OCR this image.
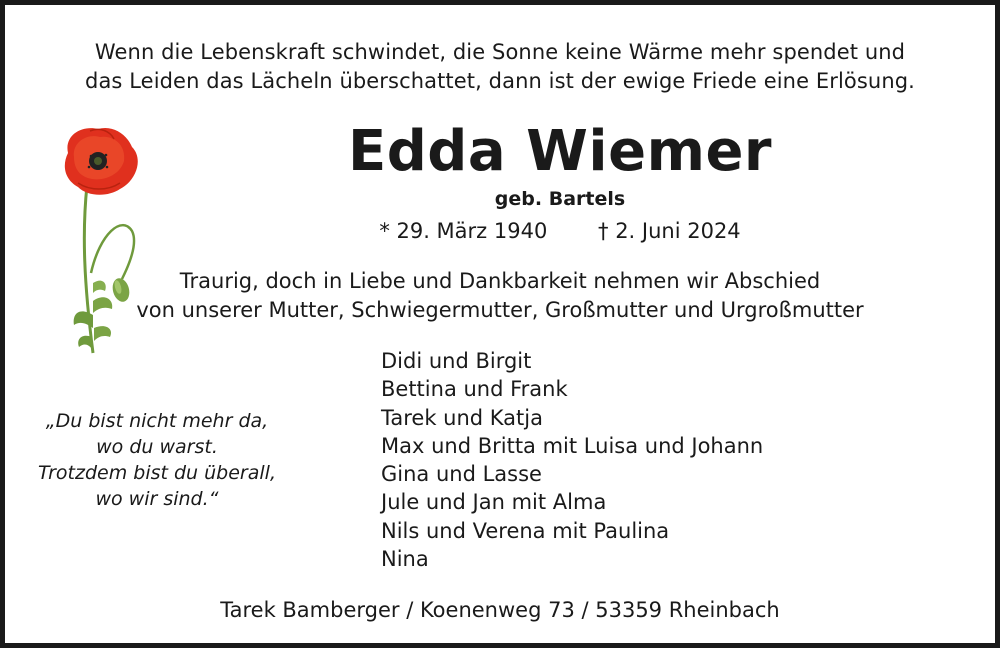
Wenn die Lebenskraft schwindet, die Sonne keine Wärme mehr spendet und
das Leiden das Lächeln überschattet, dann ist der ewige Friede eine Erlösung.
Edda Wiemer
geb. Bartels
* 29. März 1940 † 2. Juni 2024
Traurig, doch in Liebe und Dankbarkeit nehmen wir Abschied
von unserer Mutter, Schwiegermutter, Großmutter und Urgroßmutter
„Du bist nicht mehr da,
wo du warst.
Trotzdem bist du überall,
wo wir sind.“
Didi und Birgit
Bettina und Frank
Tarek und Katja
Max und Britta mit Luisa und Johann
Gina und Lasse
Jule und Jan mit Alma
Nils und Verena mit Paulina
Nina
Tarek Bamberger / Koenenweg 73 / 53359 Rheinbach
